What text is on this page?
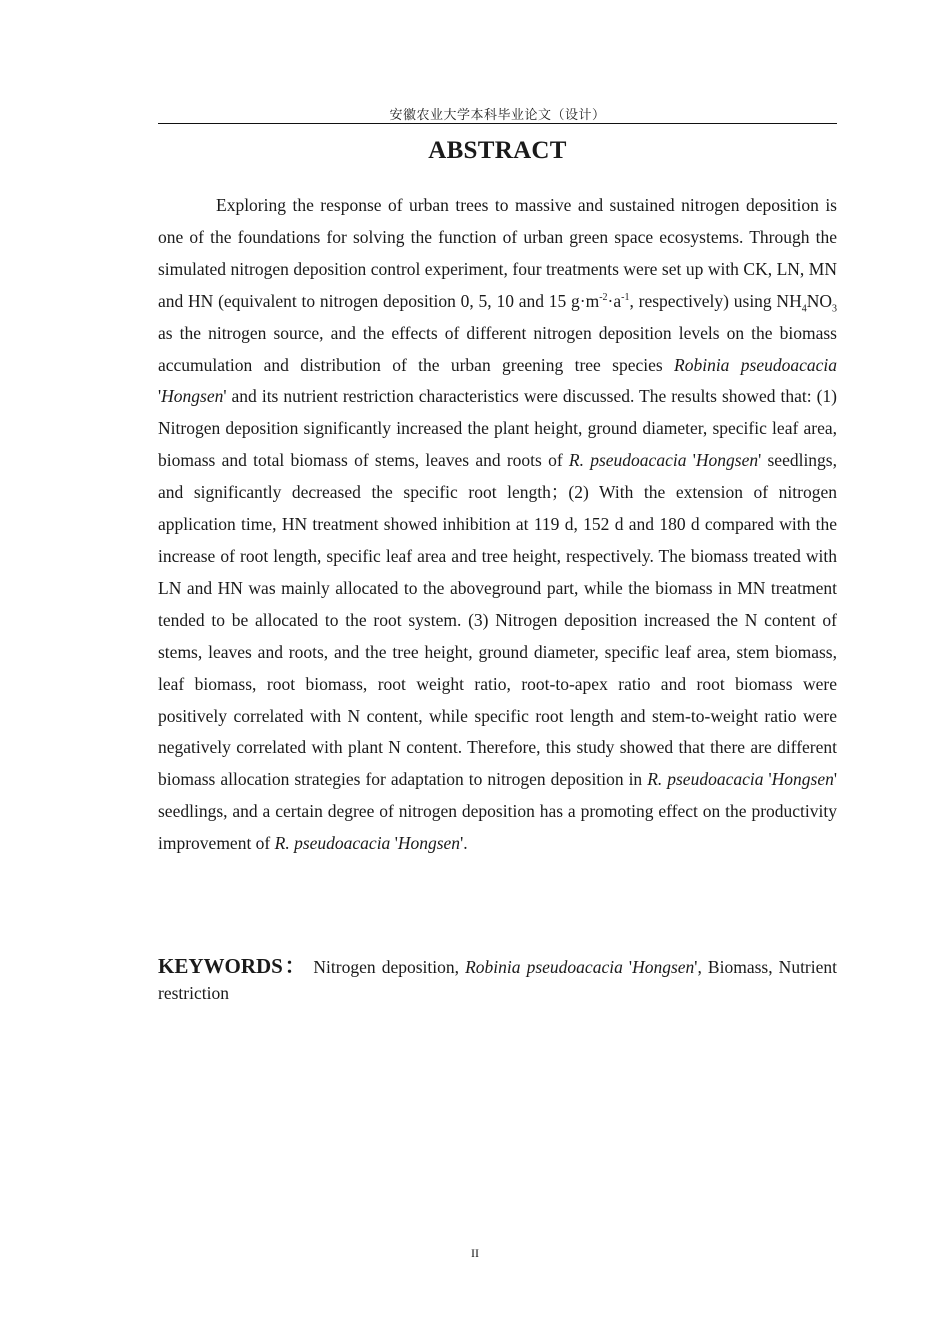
安徽农业大学本科毕业论文（设计）
ABSTRACT

Exploring the response of urban trees to massive and sustained nitrogen deposition is one of the foundations for solving the function of urban green space ecosystems. Through the simulated nitrogen deposition control experiment, four treatments were set up with CK, LN, MN and HN (equivalent to nitrogen deposition 0, 5, 10 and 15 $g\cdot m^{-2}\cdot a^{-1}$, respectively) using $NH_4NO_3$ as the nitrogen source, and the effects of different nitrogen deposition levels on the biomass accumulation and distribution of the urban greening tree species Robinia pseudoacacia 'Hongsen' and its nutrient restriction characteristics were discussed. The results showed that: (1) Nitrogen deposition significantly increased the plant height, ground diameter, specific leaf area, biomass and total biomass of stems, leaves and roots of R. pseudoacacia 'Hongsen' seedlings, and significantly decreased the specific root length；(2) With the extension of nitrogen application time, HN treatment showed inhibition at 119 d, 152 d and 180 d compared with the increase of root length, specific leaf area and tree height, respectively. The biomass treated with LN and HN was mainly allocated to the aboveground part, while the biomass in MN treatment tended to be allocated to the root system. (3) Nitrogen deposition increased the N content of stems, leaves and roots, and the tree height, ground diameter, specific leaf area, stem biomass, leaf biomass, root biomass, root weight ratio, root-to-apex ratio and root biomass were positively correlated with N content, while specific root length and stem-to-weight ratio were negatively correlated with plant N content. Therefore, this study showed that there are different biomass allocation strategies for adaptation to nitrogen deposition in R. pseudoacacia 'Hongsen' seedlings, and a certain degree of nitrogen deposition has a promoting effect on the productivity improvement of R. pseudoacacia 'Hongsen'.

KEYWORDS： Nitrogen deposition, Robinia pseudoacacia 'Hongsen', Biomass, Nutrient restriction
II
